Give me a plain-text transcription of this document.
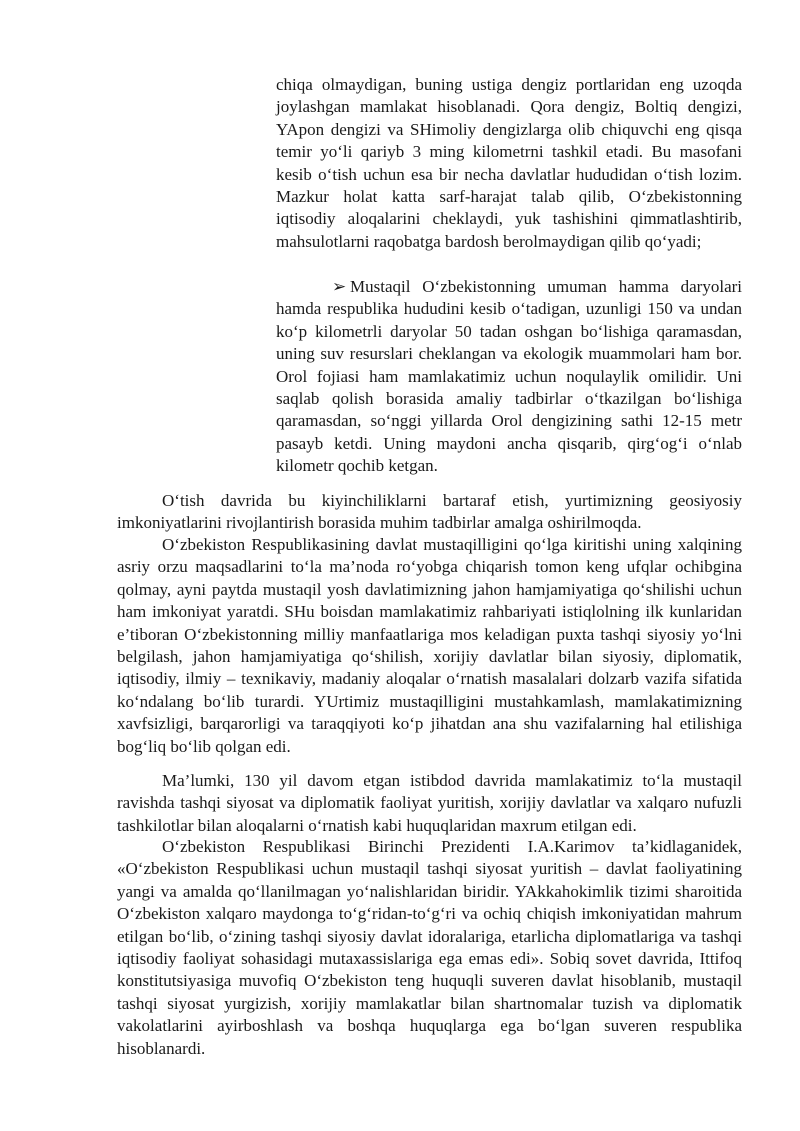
chiqa olmaydigan, buning ustiga dengiz portlaridan eng uzoqda joylashgan mamlakat hisoblanadi. Qora dengiz, Boltiq dengizi, YApon dengizi va SHimoliy dengizlarga olib chiquvchi eng qisqa temir yo‘li qariyb 3 ming kilometrni tashkil etadi. Bu masofani kesib o‘tish uchun esa bir necha davlatlar hududidan o‘tish lozim. Mazkur holat katta sarf-harajat talab qilib, O‘zbekistonning iqtisodiy aloqalarini cheklaydi, yuk tashishini qimmatlashtirib, mahsulotlarni raqobatga bardosh berolmaydigan qilib qo‘yadi;

➢ Mustaqil O‘zbekistonning umuman hamma daryolari hamda respublika hududini kesib o‘tadigan, uzunligi 150 va undan ko‘p kilometrli daryolar 50 tadan oshgan bo‘lishiga qaramasdan, uning suv resurslari cheklangan va ekologik muammolari ham bor. Orol fojiasi ham mamlakatimiz uchun noqulaylik omilidir. Uni saqlab qolish borasida amaliy tadbirlar o‘tkazilgan bo‘lishiga qaramasdan, so‘nggi yillarda Orol dengizining sathi 12-15 metr pasayb ketdi. Uning maydoni ancha qisqarib, qirg‘og‘i o‘nlab kilometr qochib ketgan.

O‘tish davrida bu kiyinchiliklarni bartaraf etish, yurtimizning geosiyosiy imkoniyatlarini rivojlantirish borasida muhim tadbirlar amalga oshirilmoqda.

O‘zbekiston Respublikasining davlat mustaqilligini qo‘lga kiritishi uning xalqining asriy orzu maqsadlarini to‘la ma’noda ro‘yobga chiqarish tomon keng ufqlar ochibgina qolmay, ayni paytda mustaqil yosh davlatimizning jahon hamjamiyatiga qo‘shilishi uchun ham imkoniyat yaratdi. SHu boisdan mamlakatimiz rahbariyati istiqlolning ilk kunlaridan e’tiboran O‘zbekistonning milliy manfaatlariga mos keladigan puxta tashqi siyosiy yo‘lni belgilash, jahon hamjamiyatiga qo‘shilish, xorijiy davlatlar bilan siyosiy, diplomatik, iqtisodiy, ilmiy – texnikaviy, madaniy aloqalar o‘rnatish masalalari dolzarb vazifa sifatida ko‘ndalang bo‘lib turardi. YUrtimiz mustaqilligini mustahkamlash, mamlakatimizning xavfsizligi, barqarorligi va taraqqiyoti ko‘p jihatdan ana shu vazifalarning hal etilishiga bog‘liq bo‘lib qolgan edi.

Ma’lumki, 130 yil davom etgan istibdod davrida mamlakatimiz to‘la mustaqil ravishda tashqi siyosat va diplomatik faoliyat yuritish, xorijiy davlatlar va xalqaro nufuzli tashkilotlar bilan aloqalarni o‘rnatish kabi huquqlaridan maxrum etilgan edi.

O‘zbekiston Respublikasi Birinchi Prezidenti I.A.Karimov ta’kidlaganidek, «O‘zbekiston Respublikasi uchun mustaqil tashqi siyosat yuritish – davlat faoliyatining yangi va amalda qo‘llanilmagan yo‘nalishlaridan biridir. YAkkahokimlik tizimi sharoitida O‘zbekiston xalqaro maydonga to‘g‘ridan-to‘g‘ri va ochiq chiqish imkoniyatidan mahrum etilgan bo‘lib, o‘zining tashqi siyosiy davlat idoralariga, etarlicha diplomatlariga va tashqi iqtisodiy faoliyat sohasidagi mutaxassislariga ega emas edi». Sobiq sovet davrida, Ittifoq konstitutsiyasiga muvofiq O‘zbekiston teng huquqli suveren davlat hisoblanib, mustaqil tashqi siyosat yurgizish, xorijiy mamlakatlar bilan shartnomalar tuzish va diplomatik vakolatlarini ayirboshlash va boshqa huquqlarga ega bo‘lgan suveren respublika hisoblanardi.
